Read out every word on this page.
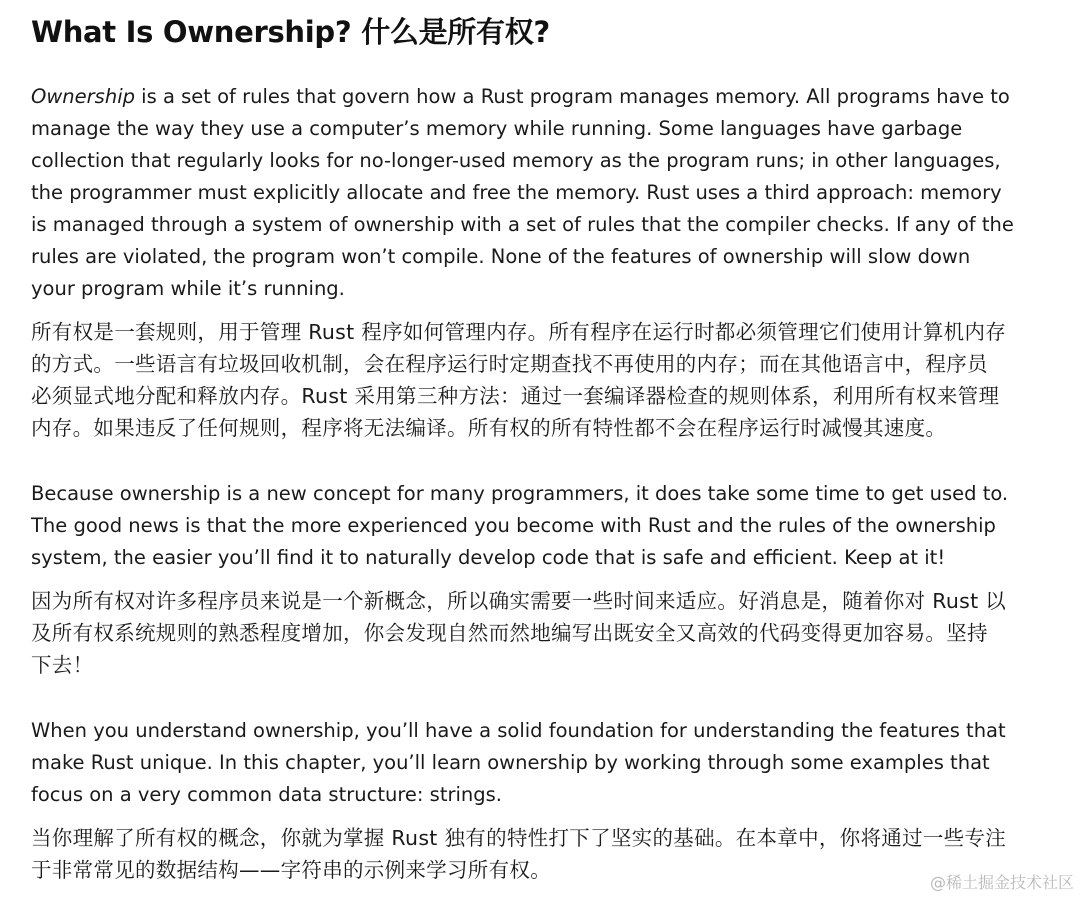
What Is Ownership? 什么是所有权?
Ownership is a set of rules that govern how a Rust program manages memory. All programs have to
manage the way they use a computer’s memory while running. Some languages have garbage
collection that regularly looks for no-longer-used memory as the program runs; in other languages,
the programmer must explicitly allocate and free the memory. Rust uses a third approach: memory
is managed through a system of ownership with a set of rules that the compiler checks. If any of the
rules are violated, the program won’t compile. None of the features of ownership will slow down
your program while it’s running.
所有权是一套规则，用于管理 Rust 程序如何管理内存。所有程序在运行时都必须管理它们使用计算机内存
的方式。一些语言有垃圾回收机制，会在程序运行时定期查找不再使用的内存；而在其他语言中，程序员
必须显式地分配和释放内存。Rust 采用第三种方法：通过一套编译器检查的规则体系，利用所有权来管理
内存。如果违反了任何规则，程序将无法编译。所有权的所有特性都不会在程序运行时减慢其速度。
Because ownership is a new concept for many programmers, it does take some time to get used to.
The good news is that the more experienced you become with Rust and the rules of the ownership
system, the easier you’ll find it to naturally develop code that is safe and efficient. Keep at it!
因为所有权对许多程序员来说是一个新概念，所以确实需要一些时间来适应。好消息是，随着你对 Rust 以
及所有权系统规则的熟悉程度增加，你会发现自然而然地编写出既安全又高效的代码变得更加容易。坚持
下去！
When you understand ownership, you’ll have a solid foundation for understanding the features that
make Rust unique. In this chapter, you’ll learn ownership by working through some examples that
focus on a very common data structure: strings.
当你理解了所有权的概念，你就为掌握 Rust 独有的特性打下了坚实的基础。在本章中，你将通过一些专注
于非常常见的数据结构——字符串的示例来学习所有权。
@稀土掘金技术社区
